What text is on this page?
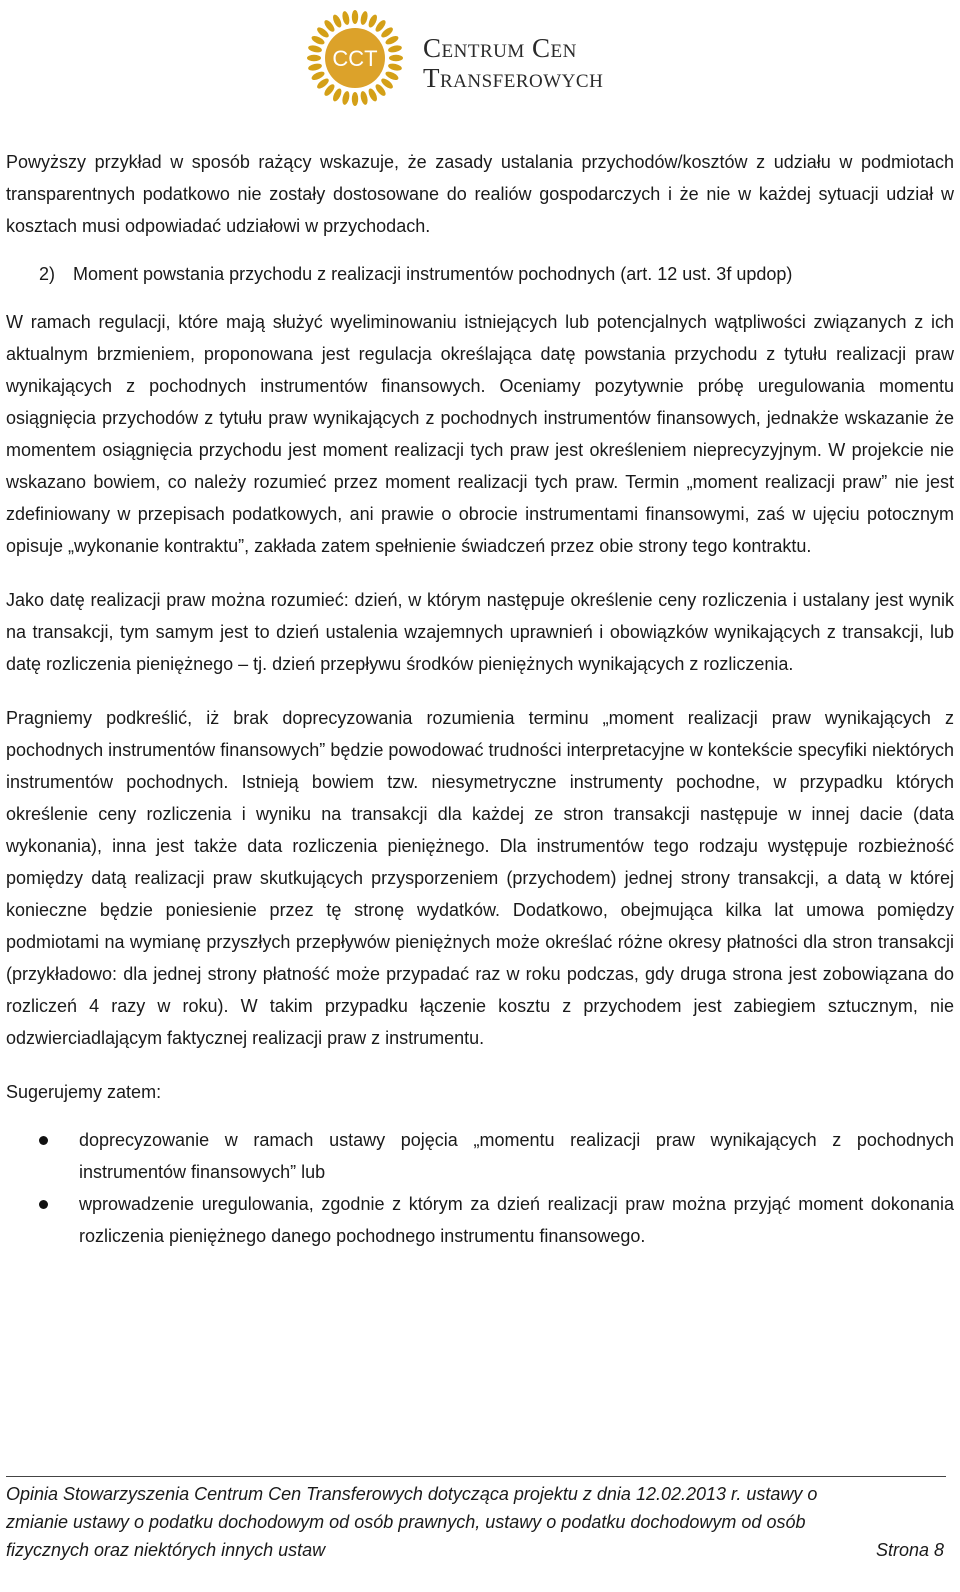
CCT Centrum Cen
Transferowych

Powyższy przykład w sposób rażący wskazuje, że zasady ustalania przychodów/kosztów z udziału w podmiotach transparentnych podatkowo nie zostały dostosowane do realiów gospodarczych i że nie w każdej sytuacji udział w kosztach musi odpowiadać udziałowi w przychodach.

2) Moment powstania przychodu z realizacji instrumentów pochodnych (art. 12 ust. 3f updop)

W ramach regulacji, które mają służyć wyeliminowaniu istniejących lub potencjalnych wątpliwości związanych z ich aktualnym brzmieniem, proponowana jest regulacja określająca datę powstania przychodu z tytułu realizacji praw wynikających z pochodnych instrumentów finansowych. Oceniamy pozytywnie próbę uregulowania momentu osiągnięcia przychodów z tytułu praw wynikających z pochodnych instrumentów finansowych, jednakże wskazanie że momentem osiągnięcia przychodu jest moment realizacji tych praw jest określeniem nieprecyzyjnym. W projekcie nie wskazano bowiem, co należy rozumieć przez moment realizacji tych praw. Termin „moment realizacji praw” nie jest zdefiniowany w przepisach podatkowych, ani prawie o obrocie instrumentami finansowymi, zaś w ujęciu potocznym opisuje „wykonanie kontraktu”, zakłada zatem spełnienie świadczeń przez obie strony tego kontraktu.

Jako datę realizacji praw można rozumieć: dzień, w którym następuje określenie ceny rozliczenia i ustalany jest wynik na transakcji, tym samym jest to dzień ustalenia wzajemnych uprawnień i obowiązków wynikających z transakcji, lub datę rozliczenia pieniężnego – tj. dzień przepływu środków pieniężnych wynikających z rozliczenia.

Pragniemy podkreślić, iż brak doprecyzowania rozumienia terminu „moment realizacji praw wynikających z pochodnych instrumentów finansowych” będzie powodować trudności interpretacyjne w kontekście specyfiki niektórych instrumentów pochodnych. Istnieją bowiem tzw. niesymetryczne instrumenty pochodne, w przypadku których określenie ceny rozliczenia i wyniku na transakcji dla każdej ze stron transakcji następuje w innej dacie (data wykonania), inna jest także data rozliczenia pieniężnego. Dla instrumentów tego rodzaju występuje rozbieżność pomiędzy datą realizacji praw skutkujących przysporzeniem (przychodem) jednej strony transakcji, a datą w której konieczne będzie poniesienie przez tę stronę wydatków. Dodatkowo, obejmująca kilka lat umowa pomiędzy podmiotami na wymianę przyszłych przepływów pieniężnych może określać różne okresy płatności dla stron transakcji (przykładowo: dla jednej strony płatność może przypadać raz w roku podczas, gdy druga strona jest zobowiązana do rozliczeń 4 razy w roku). W takim przypadku łączenie kosztu z przychodem jest zabiegiem sztucznym, nie odzwierciadlającym faktycznej realizacji praw z instrumentu.

Sugerujemy zatem:

doprecyzowanie w ramach ustawy pojęcia „momentu realizacji praw wynikających z pochodnych instrumentów finansowych” lub
wprowadzenie uregulowania, zgodnie z którym za dzień realizacji praw można przyjąć moment dokonania rozliczenia pieniężnego danego pochodnego instrumentu finansowego.
Opinia Stowarzyszenia Centrum Cen Transferowych dotycząca projektu z dnia 12.02.2013 r. ustawy o
zmianie ustawy o podatku dochodowym od osób prawnych, ustawy o podatku dochodowym od osób
fizycznych oraz niektórych innych ustaw	Strona 8
